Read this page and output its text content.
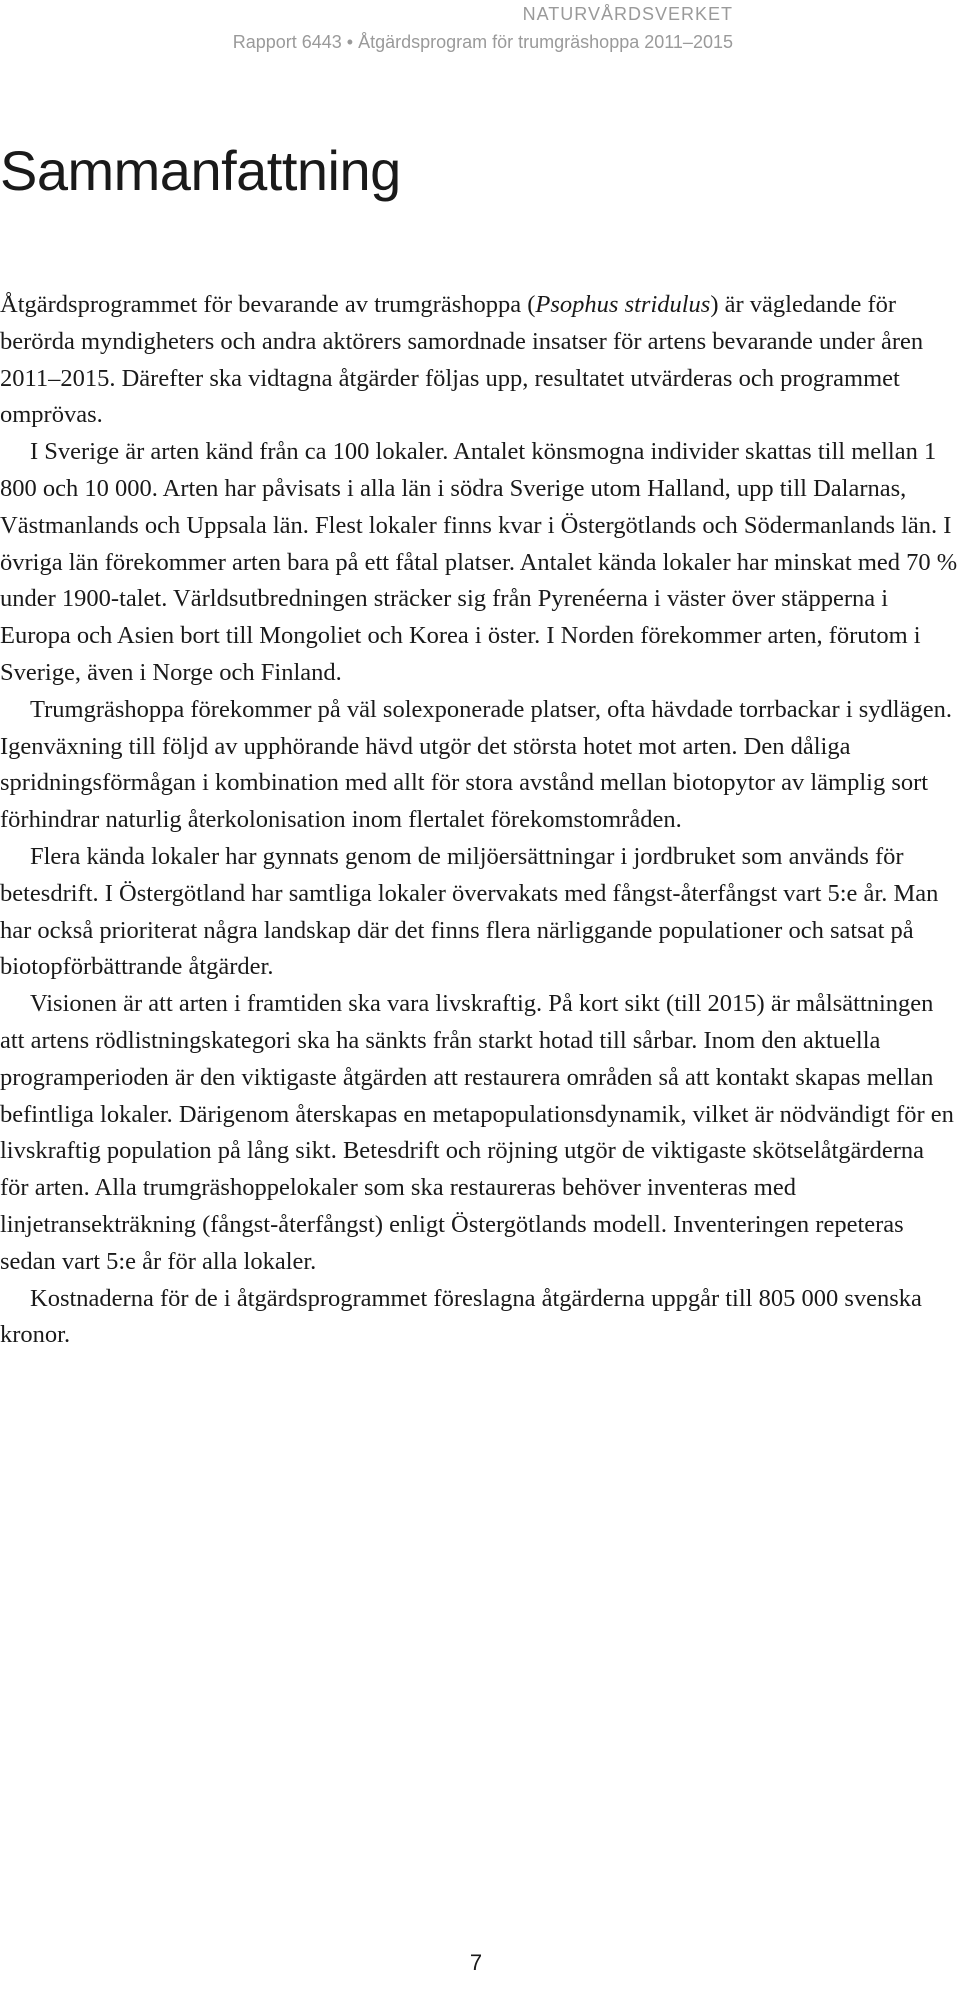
NATURVÅRDSVERKET
Rapport 6443 • Åtgärdsprogram för trumgräshoppa 2011–2015
Sammanfattning

Åtgärdsprogrammet för bevarande av trumgräshoppa (Psophus stridulus) är vägledande för berörda myndigheters och andra aktörers samordnade insatser för artens bevarande under åren 2011–2015. Därefter ska vidtagna åtgärder följas upp, resultatet utvärderas och programmet omprövas.

I Sverige är arten känd från ca 100 lokaler. Antalet könsmogna individer skattas till mellan 1 800 och 10 000. Arten har påvisats i alla län i södra Sverige utom Halland, upp till Dalarnas, Västmanlands och Uppsala län. Flest lokaler finns kvar i Östergötlands och Södermanlands län. I övriga län förekommer arten bara på ett fåtal platser. Antalet kända lokaler har minskat med 70 % under 1900-talet. Världsutbredningen sträcker sig från Pyrenéerna i väster över stäpperna i Europa och Asien bort till Mongoliet och Korea i öster. I Norden förekommer arten, förutom i Sverige, även i Norge och Finland.

Trumgräshoppa förekommer på väl solexponerade platser, ofta hävdade torrbackar i sydlägen. Igenväxning till följd av upphörande hävd utgör det största hotet mot arten. Den dåliga spridningsförmågan i kombination med allt för stora avstånd mellan biotopytor av lämplig sort förhindrar naturlig återkolonisation inom flertalet förekomstområden.

Flera kända lokaler har gynnats genom de miljöersättningar i jordbruket som används för betesdrift. I Östergötland har samtliga lokaler övervakats med fångst-återfångst vart 5:e år. Man har också prioriterat några landskap där det finns flera närliggande populationer och satsat på biotopförbättrande åtgärder.

Visionen är att arten i framtiden ska vara livskraftig. På kort sikt (till 2015) är målsättningen att artens rödlistningskategori ska ha sänkts från starkt hotad till sårbar. Inom den aktuella programperioden är den viktigaste åtgärden att restaurera områden så att kontakt skapas mellan befintliga lokaler. Därigenom återskapas en metapopulationsdynamik, vilket är nödvändigt för en livskraftig population på lång sikt. Betesdrift och röjning utgör de viktigaste skötselåtgärderna för arten. Alla trumgräshoppelokaler som ska restaureras behöver inventeras med linjetransekträkning (fångst-återfångst) enligt Östergötlands modell. Inventeringen repeteras sedan vart 5:e år för alla lokaler.

Kostnaderna för de i åtgärdsprogrammet föreslagna åtgärderna uppgår till 805 000 svenska kronor.

7
